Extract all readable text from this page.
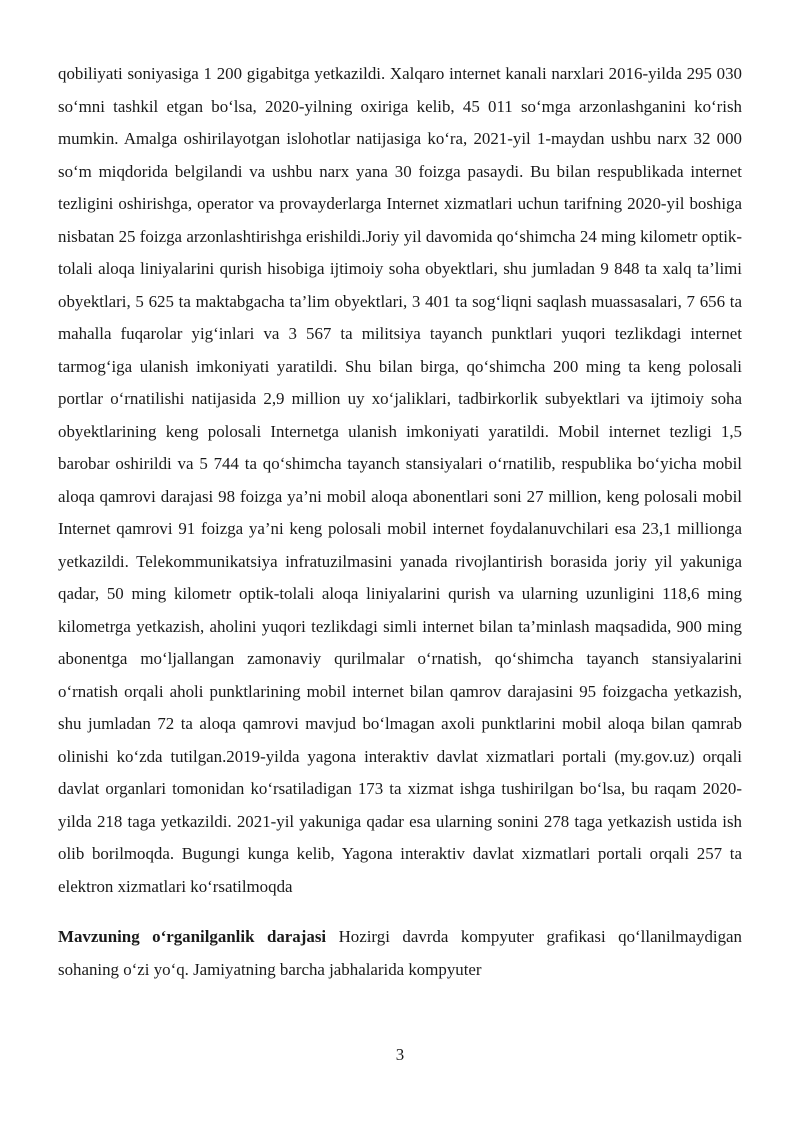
qobiliyati soniyasiga 1 200 gigabitga yetkazildi. Xalqaro internet kanali narxlari 2016-yilda 295 030 so‘mni tashkil etgan bo‘lsa, 2020-yilning oxiriga kelib, 45 011 so‘mga arzonlashganini ko‘rish mumkin. Amalga oshirilayotgan islohotlar natijasiga ko‘ra, 2021-yil 1-maydan ushbu narx 32 000 so‘m miqdorida belgilandi va ushbu narx yana 30 foizga pasaydi. Bu bilan respublikada internet tezligini oshirishga, operator va provayderlarga Internet xizmatlari uchun tarifning 2020-yil boshiga nisbatan 25 foizga arzonlashtirishga erishildi.Joriy yil davomida qo‘shimcha 24 ming kilometr optik-tolali aloqa liniyalarini qurish hisobiga ijtimoiy soha obyektlari, shu jumladan 9 848 ta xalq ta’limi obyektlari, 5 625 ta maktabgacha ta’lim obyektlari, 3 401 ta sog‘liqni saqlash muassasalari, 7 656 ta mahalla fuqarolar yig‘inlari va 3 567 ta militsiya tayanch punktlari yuqori tezlikdagi internet tarmog‘iga ulanish imkoniyati yaratildi. Shu bilan birga, qo‘shimcha 200 ming ta keng polosali portlar o‘rnatilishi natijasida 2,9 million uy xo‘jaliklari, tadbirkorlik subyektlari va ijtimoiy soha obyektlarining keng polosali Internetga ulanish imkoniyati yaratildi. Mobil internet tezligi 1,5 barobar oshirildi va 5 744 ta qo‘shimcha tayanch stansiyalari o‘rnatilib, respublika bo‘yicha mobil aloqa qamrovi darajasi 98 foizga ya’ni mobil aloqa abonentlari soni 27 million, keng polosali mobil Internet qamrovi 91 foizga ya’ni keng polosali mobil internet foydalanuvchilari esa 23,1 millionga yetkazildi. Telekommunikatsiya infratuzilmasini yanada rivojlantirish borasida joriy yil yakuniga qadar, 50 ming kilometr optik-tolali aloqa liniyalarini qurish va ularning uzunligini 118,6 ming kilometrga yetkazish, aholini yuqori tezlikdagi simli internet bilan ta’minlash maqsadida, 900 ming abonentga mo‘ljallangan zamonaviy qurilmalar o‘rnatish, qo‘shimcha tayanch stansiyalarini o‘rnatish orqali aholi punktlarining mobil internet bilan qamrov darajasini 95 foizgacha yetkazish, shu jumladan 72 ta aloqa qamrovi mavjud bo‘lmagan axoli punktlarini mobil aloqa bilan qamrab olinishi ko‘zda tutilgan.2019-yilda yagona interaktiv davlat xizmatlari portali (my.gov.uz) orqali davlat organlari tomonidan ko‘rsatiladigan 173 ta xizmat ishga tushirilgan bo‘lsa, bu raqam 2020-yilda 218 taga yetkazildi. 2021-yil yakuniga qadar esa ularning sonini 278 taga yetkazish ustida ish olib borilmoqda. Bugungi kunga kelib, Yagona interaktiv davlat xizmatlari portali orqali 257 ta elektron xizmatlari ko‘rsatilmoqda

Mavzuning o‘rganilganlik darajasi Hozirgi davrda kompyuter grafikasi qo‘llanilmaydigan sohaning o‘zi yo‘q. Jamiyatning barcha jabhalarida kompyuter

3
